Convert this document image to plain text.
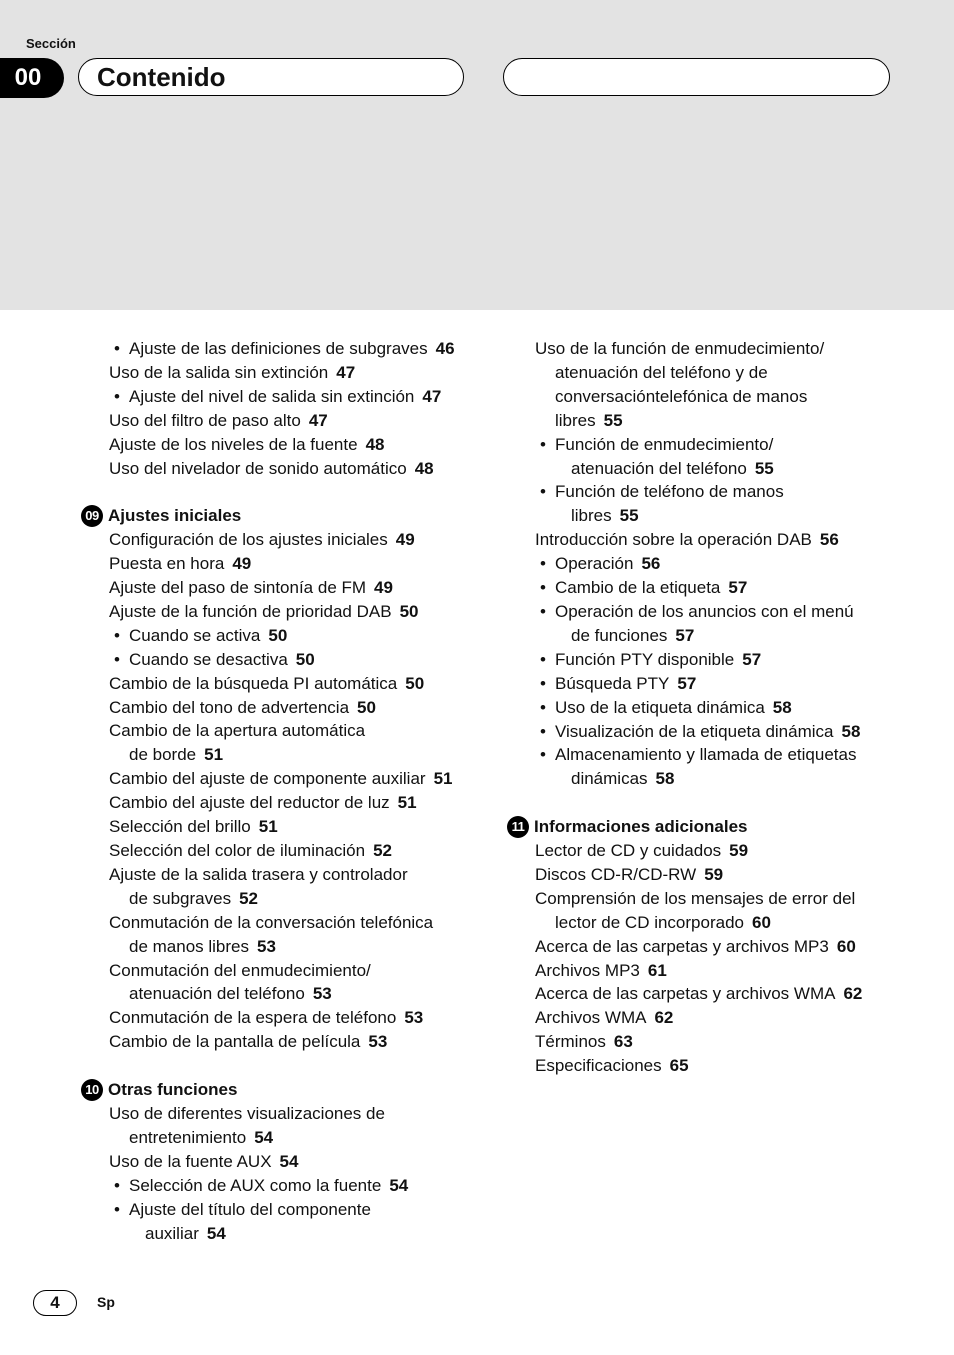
Sección
00	Contenido
• Ajuste de las definiciones de subgraves 46
Uso de la salida sin extinción 47
• Ajuste del nivel de salida sin extinción 47
Uso del filtro de paso alto 47
Ajuste de los niveles de la fuente 48
Uso del nivelador de sonido automático 48
09 Ajustes iniciales
Configuración de los ajustes iniciales 49
Puesta en hora 49
Ajuste del paso de sintonía de FM 49
Ajuste de la función de prioridad DAB 50
• Cuando se activa 50
• Cuando se desactiva 50
Cambio de la búsqueda PI automática 50
Cambio del tono de advertencia 50
Cambio de la apertura automática
de borde 51
Cambio del ajuste de componente auxiliar 51
Cambio del ajuste del reductor de luz 51
Selección del brillo 51
Selección del color de iluminación 52
Ajuste de la salida trasera y controlador
de subgraves 52
Conmutación de la conversación telefónica
de manos libres 53
Conmutación del enmudecimiento/
atenuación del teléfono 53
Conmutación de la espera de teléfono 53
Cambio de la pantalla de película 53
10 Otras funciones
Uso de diferentes visualizaciones de
entretenimiento 54
Uso de la fuente AUX 54
• Selección de AUX como la fuente 54
• Ajuste del título del componente
auxiliar 54
Uso de la función de enmudecimiento/
atenuación del teléfono y de
conversacióntelefónica de manos
libres 55
• Función de enmudecimiento/
atenuación del teléfono 55
• Función de teléfono de manos
libres 55
Introducción sobre la operación DAB 56
• Operación 56
• Cambio de la etiqueta 57
• Operación de los anuncios con el menú
de funciones 57
• Función PTY disponible 57
• Búsqueda PTY 57
• Uso de la etiqueta dinámica 58
• Visualización de la etiqueta dinámica 58
• Almacenamiento y llamada de etiquetas
dinámicas 58
11 Informaciones adicionales
Lector de CD y cuidados 59
Discos CD-R/CD-RW 59
Comprensión de los mensajes de error del
lector de CD incorporado 60
Acerca de las carpetas y archivos MP3 60
Archivos MP3 61
Acerca de las carpetas y archivos WMA 62
Archivos WMA 62
Términos 63
Especificaciones 65
4	Sp
